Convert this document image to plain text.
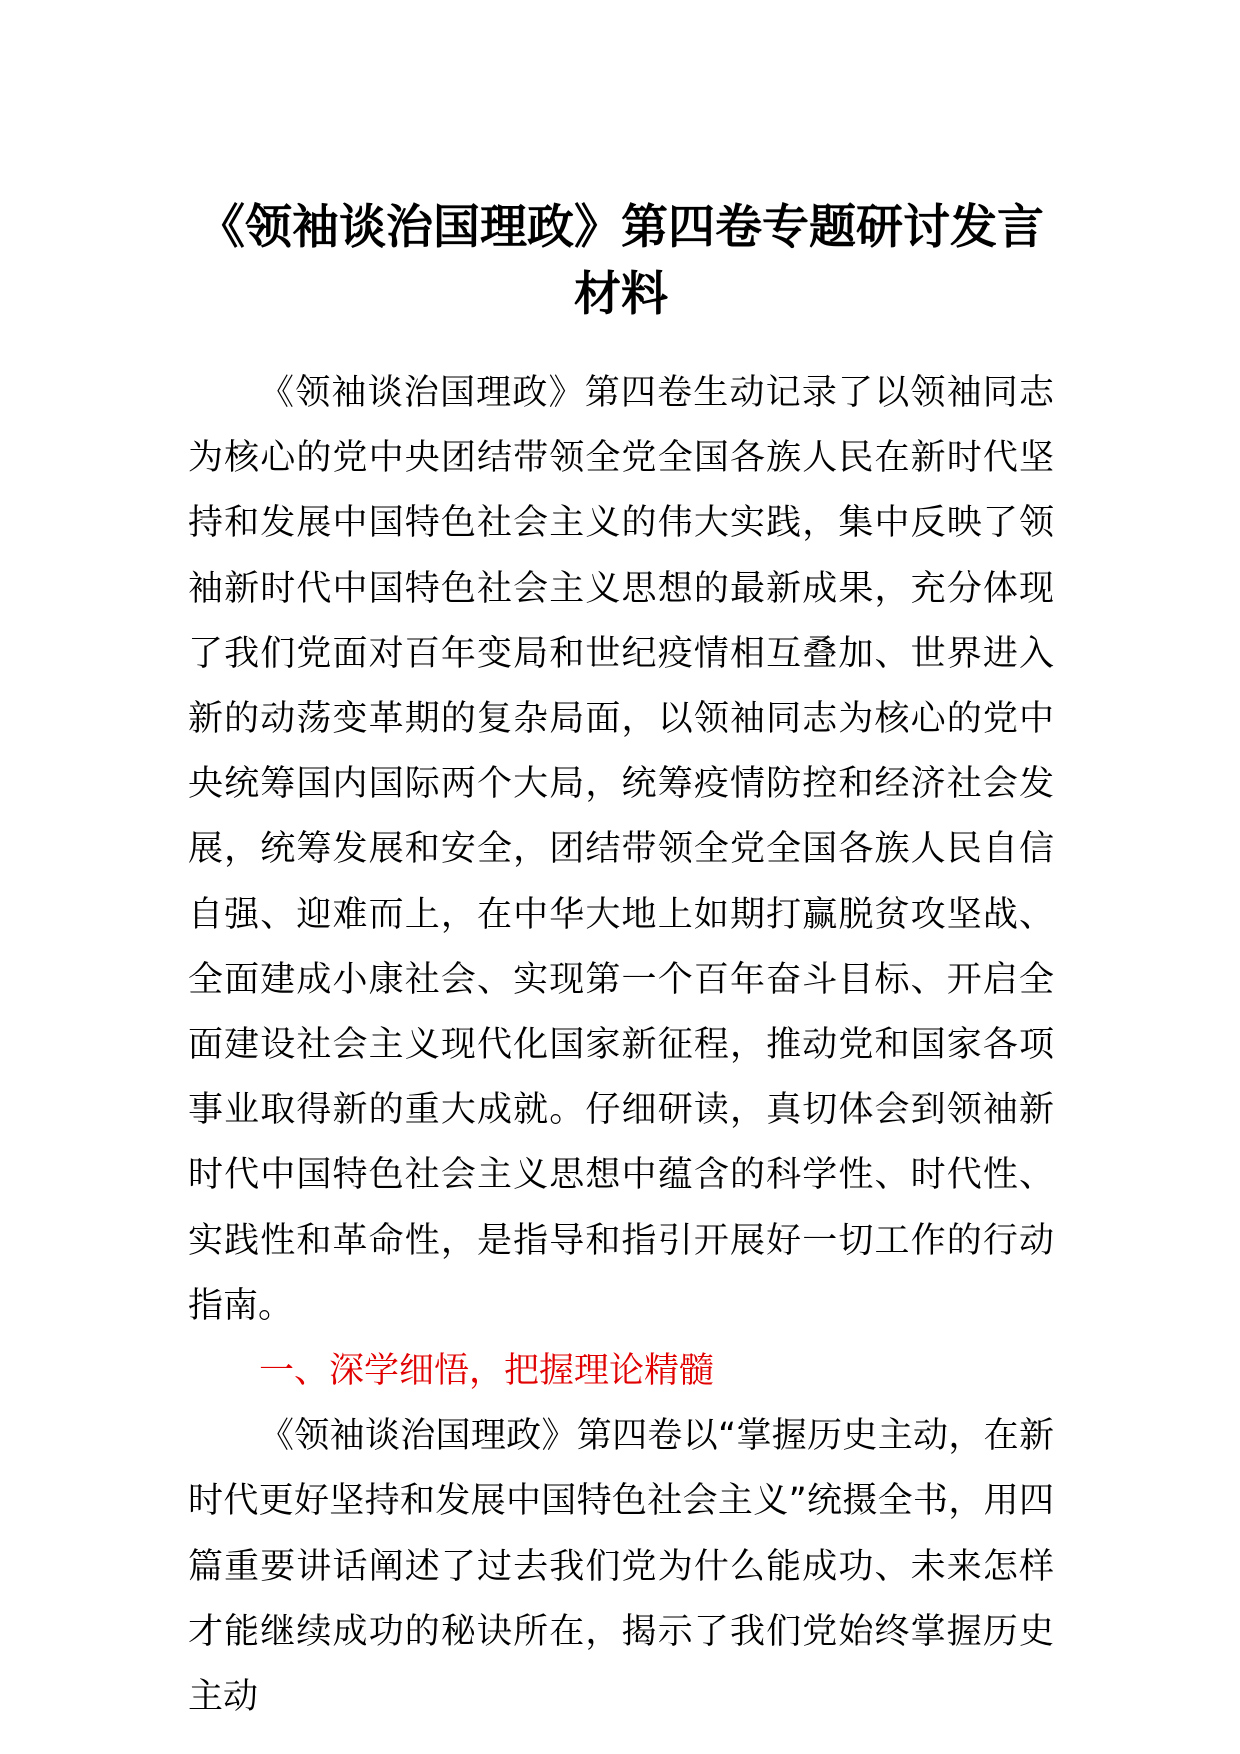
《领袖谈治国理政》第四卷专题研讨发言
材料

《领袖谈治国理政》第四卷生动记录了以领袖同志为核心的党中央团结带领全党全国各族人民在新时代坚持和发展中国特色社会主义的伟大实践，集中反映了领袖新时代中国特色社会主义思想的最新成果，充分体现了我们党面对百年变局和世纪疫情相互叠加、世界进入新的动荡变革期的复杂局面，以领袖同志为核心的党中央统筹国内国际两个大局，统筹疫情防控和经济社会发展，统筹发展和安全，团结带领全党全国各族人民自信自强、迎难而上，在中华大地上如期打赢脱贫攻坚战、全面建成小康社会、实现第一个百年奋斗目标、开启全面建设社会主义现代化国家新征程，推动党和国家各项事业取得新的重大成就。仔细研读，真切体会到领袖新时代中国特色社会主义思想中蕴含的科学性、时代性、实践性和革命性，是指导和指引开展好一切工作的行动指南。

一、深学细悟，把握理论精髓

《领袖谈治国理政》第四卷以“掌握历史主动，在新时代更好坚持和发展中国特色社会主义”统摄全书，用四篇重要讲话阐述了过去我们党为什么能成功、未来怎样才能继续成功的秘诀所在，揭示了我们党始终掌握历史主动
